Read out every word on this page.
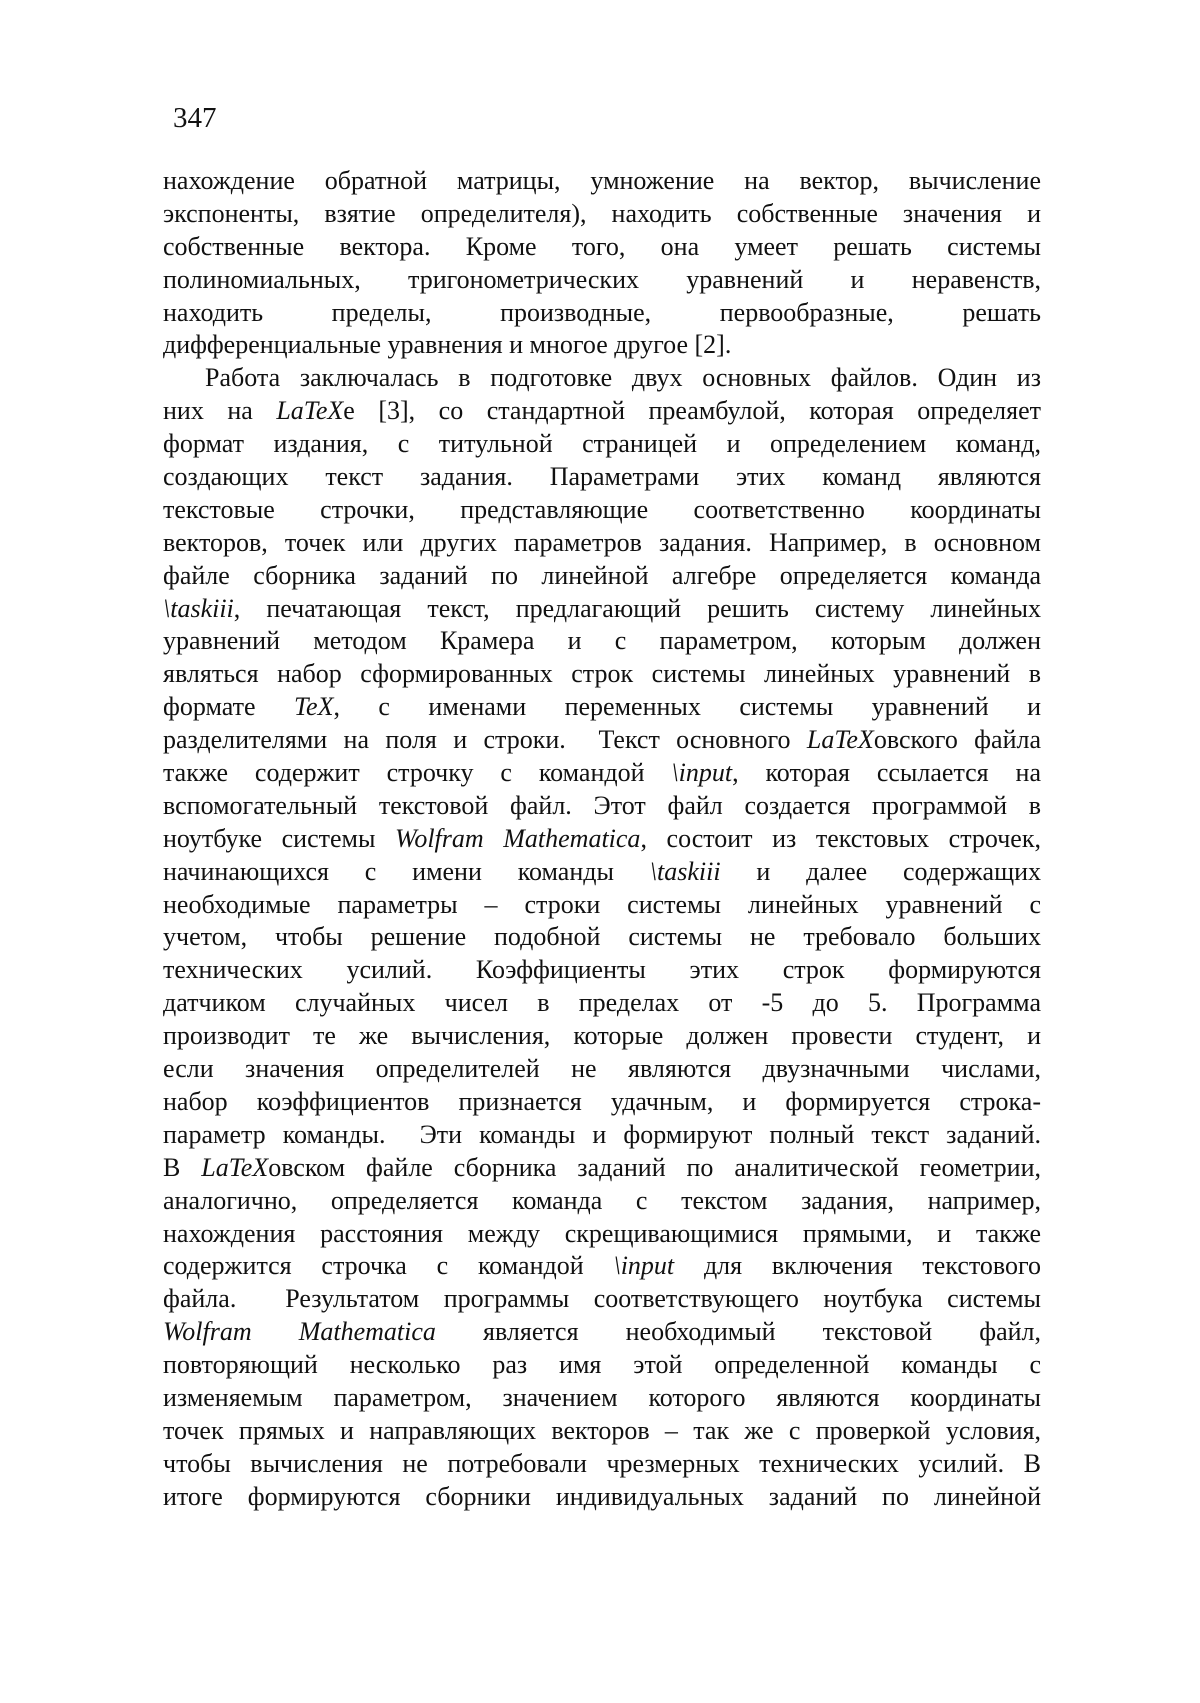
347
нахождение обратной матрицы, умножение на вектор, вычисление
экспоненты, взятие определителя), находить собственные значения и
собственные вектора. Кроме того, она умеет решать системы
полиномиальных, тригонометрических уравнений и неравенств,
находить пределы, производные, первообразные, решать
дифференциальные уравнения и многое другое [2].
Работа заключалась в подготовке двух основных файлов. Один из
них на LaTeXе [3], со стандартной преамбулой, которая определяет
формат издания, с титульной страницей и определением команд,
создающих текст задания. Параметрами этих команд являются
текстовые строчки, представляющие соответственно координаты
векторов, точек или других параметров задания. Например, в основном
файле сборника заданий по линейной алгебре определяется команда
\taskiii, печатающая текст, предлагающий решить систему линейных
уравнений методом Крамера и с параметром, которым должен
являться набор сформированных строк системы линейных уравнений в
формате TeX, с именами переменных системы уравнений и
разделителями на поля и строки.  Текст основного LaTeXовского файла
также содержит строчку с командой \input, которая ссылается на
вспомогательный текстовой файл. Этот файл создается программой в
ноутбуке системы Wolfram Mathematica, состоит из текстовых строчек,
начинающихся с имени команды \taskiii и далее содержащих
необходимые параметры – строки системы линейных уравнений с
учетом, чтобы решение подобной системы не требовало больших
технических усилий. Коэффициенты этих строк формируются
датчиком случайных чисел в пределах от -5 до 5. Программа
производит те же вычисления, которые должен провести студент, и
если значения определителей не являются двузначными числами,
набор коэффициентов признается удачным, и формируется строка-
параметр команды.  Эти команды и формируют полный текст заданий.
В LaTeXовском файле сборника заданий по аналитической геометрии,
аналогично, определяется команда с текстом задания, например,
нахождения расстояния между скрещивающимися прямыми, и также
содержится строчка с командой \input для включения текстового
файла.  Результатом программы соответствующего ноутбука системы
Wolfram Mathematica является необходимый текстовой файл,
повторяющий несколько раз имя этой определенной команды с
изменяемым параметром, значением которого являются координаты
точек прямых и направляющих векторов – так же с проверкой условия,
чтобы вычисления не потребовали чрезмерных технических усилий. В
итоге формируются сборники индивидуальных заданий по линейной
